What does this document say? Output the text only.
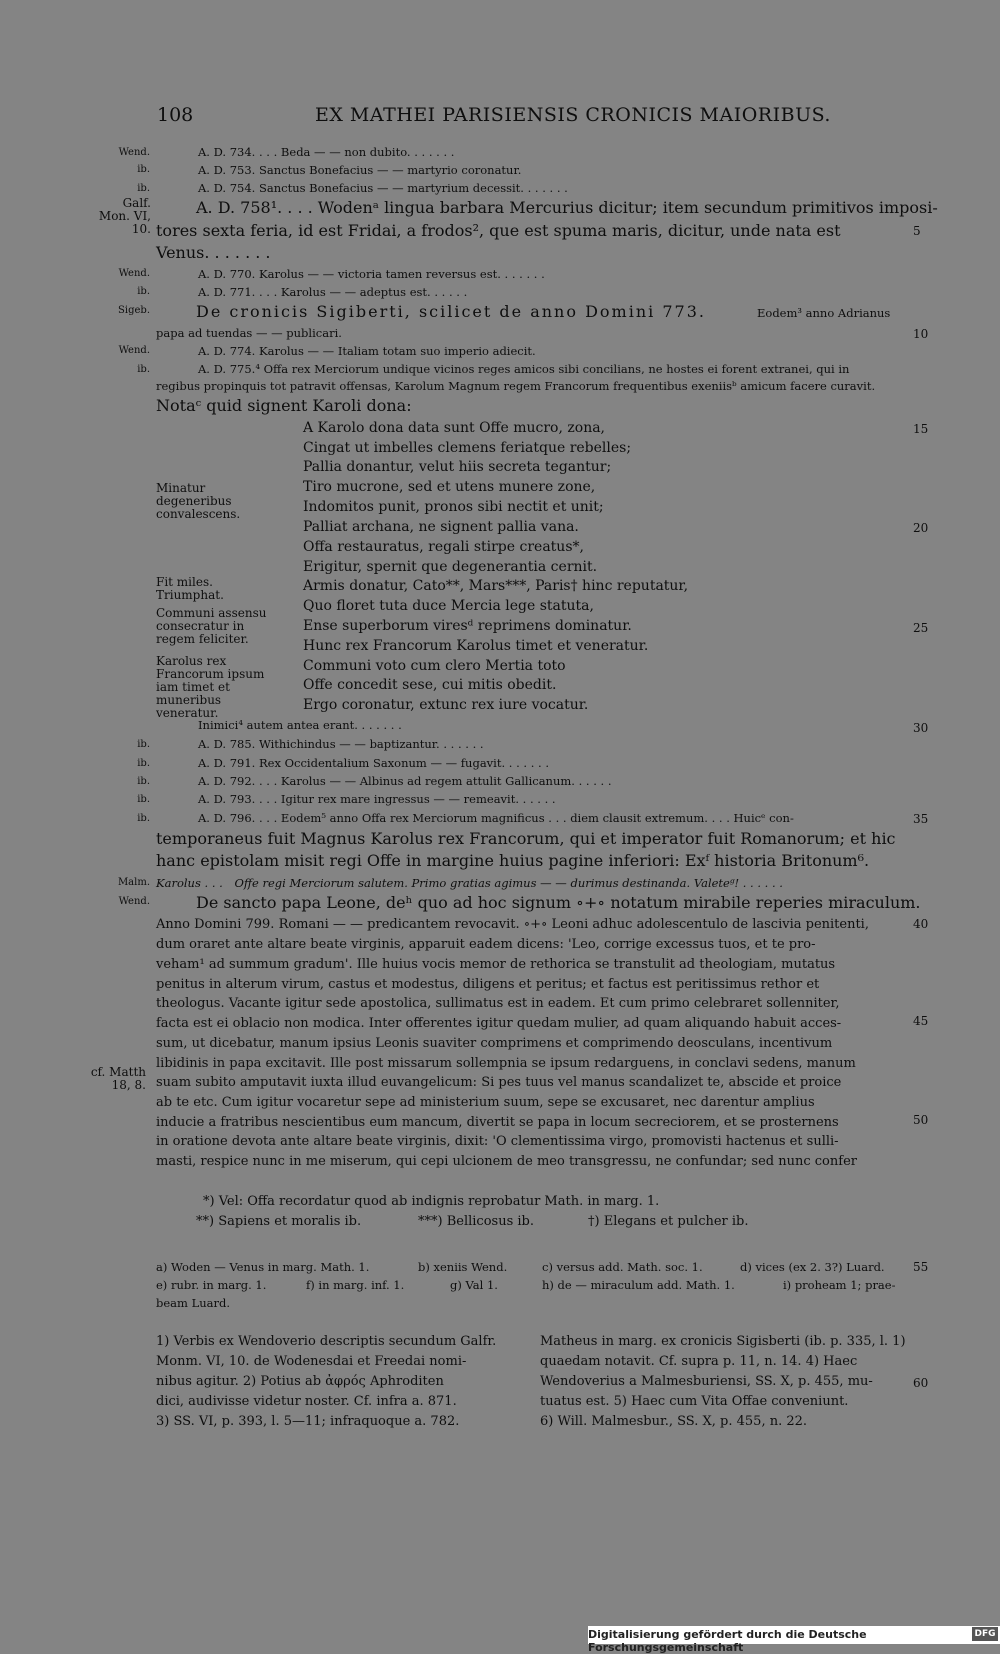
108	EX MATHEI PARISIENSIS CRONICIS MAIORIBUS.
Wend.
ib.
ib.
Galf. Mon. VI, 10.
Wend.
ib.
Sigeb.
Wend.
ib.
ib.
ib.
ib.
ib.
ib.
Malm.
Wend.
cf. Matth 18, 8.
5
10
15
20
25
30
35
40
45
50
55
60
A. D. 734. . . . Beda — — non dubito. . . . . . .
A. D. 753. Sanctus Bonefacius — — martyrio coronatur.
A. D. 754. Sanctus Bonefacius — — martyrium decessit. . . . . . .
A. D. 758¹. . . . Wodenᵃ lingua barbara Mercurius dicitur; item secundum primitivos imposi-
tores sexta feria, id est Fridai, a frodos², que est spuma maris, dicitur, unde nata est
Venus. . . . . . .
A. D. 770. Karolus — — victoria tamen reversus est. . . . . . .
A. D. 771. . . . Karolus — — adeptus est. . . . . .
De cronicis Sigiberti, scilicet de anno Domini 773.	Eodem³ anno Adrianus
papa ad tuendas — — publicari.
A. D. 774. Karolus — — Italiam totam suo imperio adiecit.
A. D. 775.⁴ Offa rex Merciorum undique vicinos reges amicos sibi concilians, ne hostes ei forent extranei, qui in
regibus propinquis tot patravit offensas, Karolum Magnum regem Francorum frequentibus exeniisᵇ amicum facere curavit.
Notaᶜ quid signent Karoli dona:
A Karolo dona data sunt Offe mucro, zona,
Cingat ut imbelles clemens feriatque rebelles;
Pallia donantur, velut hiis secreta tegantur;
Tiro mucrone, sed et utens munere zone,
Indomitos punit, pronos sibi nectit et unit;
Palliat archana, ne signent pallia vana.
Offa restauratus, regali stirpe creatus*,
Erigitur, spernit que degenerantia cernit.
Armis donatur, Cato**, Mars***, Paris† hinc reputatur,
Quo floret tuta duce Mercia lege statuta,
Ense superborum viresᵈ reprimens dominatur.
Hunc rex Francorum Karolus timet et veneratur.
Communi voto cum clero Mertia toto
Offe concedit sese, cui mitis obedit.
Ergo coronatur, extunc rex iure vocatur.
Minatur degeneribus convalescens.
Fit miles.
Triumphat.
Communi assensu consecratur in regem feliciter.
Karolus rex Francorum ipsum iam timet et muneribus veneratur.
Inimici⁴ autem antea erant. . . . . . .
A. D. 785. Withichindus — — baptizantur. . . . . . .
A. D. 791. Rex Occidentalium Saxonum — — fugavit. . . . . . .
A. D. 792. . . . Karolus — — Albinus ad regem attulit Gallicanum. . . . . .
A. D. 793. . . . Igitur rex mare ingressus — — remeavit. . . . . .
A. D. 796. . . . Eodem⁵ anno Offa rex Merciorum magnificus . . . diem clausit extremum. . . . Huicᵉ con-
temporaneus fuit Magnus Karolus rex Francorum, qui et imperator fuit Romanorum; et hic
hanc epistolam misit regi Offe in margine huius pagine inferiori: Exᶠ historia Britonum⁶.
Karolus . . . Offe regi Merciorum salutem. Primo gratias agimus — — durimus destinanda. Valeteᵍ! . . . . . .
De sancto papa Leone, deʰ quo ad hoc signum ∘+∘ notatum mirabile reperies miraculum.
Anno Domini 799. Romani — — predicantem revocavit. ∘+∘ Leoni adhuc adolescentulo de lascivia penitenti,
dum oraret ante altare beate virginis, apparuit eadem dicens: 'Leo, corrige excessus tuos, et te pro-
veham¹ ad summum gradum'. Ille huius vocis memor de rethorica se transtulit ad theologiam, mutatus
penitus in alterum virum, castus et modestus, diligens et peritus; et factus est peritissimus rethor et
theologus. Vacante igitur sede apostolica, sullimatus est in eadem. Et cum primo celebraret sollenniter,
facta est ei oblacio non modica. Inter offerentes igitur quedam mulier, ad quam aliquando habuit acces-
sum, ut dicebatur, manum ipsius Leonis suaviter comprimens et comprimendo deosculans, incentivum
libidinis in papa excitavit. Ille post missarum sollempnia se ipsum redarguens, in conclavi sedens, manum
suam subito amputavit iuxta illud euvangelicum: Si pes tuus vel manus scandalizet te, abscide et proice
ab te etc. Cum igitur vocaretur sepe ad ministerium suum, sepe se excusaret, nec darentur amplius
induciе a fratribus nescientibus eum mancum, divertit se papa in locum secreciorem, et se prosternens
in oratione devota ante altare beate virginis, dixit: 'O clementissima virgo, promovisti hactenus et sulli-
masti, respice nunc in me miserum, qui cepi ulcionem de meo transgressu, ne confundar; sed nunc confer
*) Vel: Offa recordatur quod ab indignis reprobatur Math. in marg. 1.
**) Sapiens et moralis ib.	***) Bellicosus ib.	†) Elegans et pulcher ib.
a) Woden — Venus in marg. Math. 1.	b) xeniis Wend.	c) versus add. Math. soc. 1.	d) vices (ex 2. 3?) Luard.
e) rubr. in marg. 1.	f) in marg. inf. 1.	g) Val 1.	h) de — miraculum add. Math. 1.	i) proheam 1; prae-
beam Luard.
1) Verbis ex Wendoverio descriptis secundum Galfr.
Monm. VI, 10. de Wodenesdai et Freedai nomi-
nibus agitur. 2) Potius ab ἀφρός Aphroditen
dici, audivisse videtur noster. Cf. infra a. 871.
3) SS. VI, p. 393, l. 5—11; infraquoque a. 782.
Matheus in marg. ex cronicis Sigisberti (ib. p. 335, l. 1)
quaedam notavit. Cf. supra p. 11, n. 14. 4) Haec
Wendoverius a Malmesburiensi, SS. X, p. 455, mu-
tuatus est. 5) Haec cum Vita Offae conveniunt.
6) Will. Malmesbur., SS. X, p. 455, n. 22.
Digitalisierung gefördert durch die Deutsche Forschungsgemeinschaft
DFG
